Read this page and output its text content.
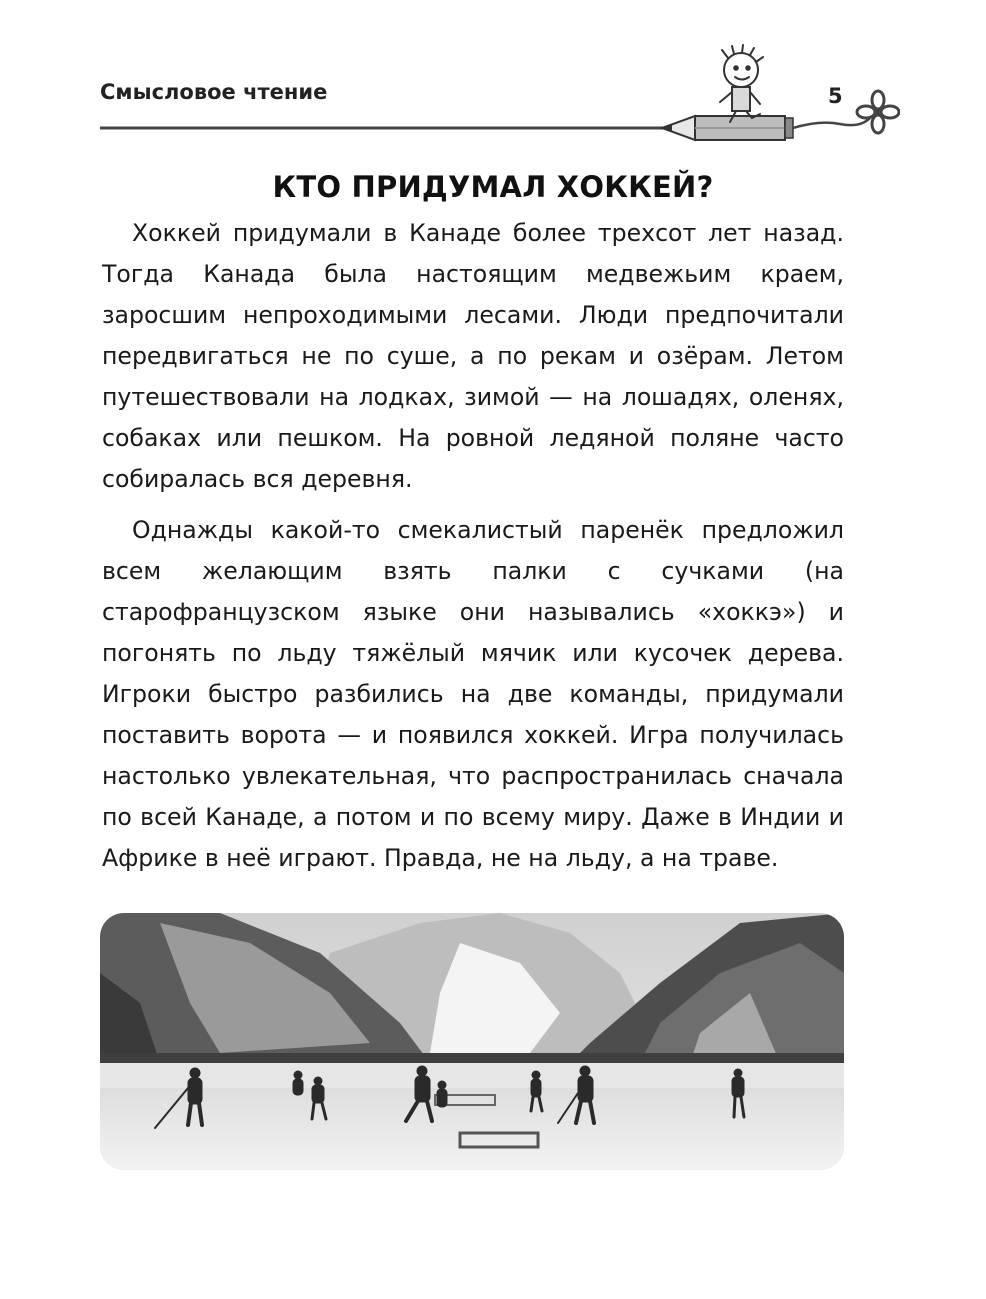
Смысловое чтение	5
КТО ПРИДУМАЛ ХОККЕЙ?

Хоккей придумали в Канаде более трехсот лет назад. Тогда Канада была настоящим медвежьим краем, заросшим непроходимыми лесами. Люди предпочитали передвигаться не по суше, а по рекам и озёрам. Летом путешествовали на лодках, зимой — на лошадях, оленях, собаках или пешком. На ровной ледяной поляне часто собиралась вся деревня.

Однажды какой-то смекалистый паренёк предложил всем желающим взять палки с сучками (на старофранцузском языке они назывались «хоккэ») и погонять по льду тяжёлый мячик или кусочек дерева. Игроки быстро разбились на две команды, придумали поставить ворота — и появился хоккей. Игра получилась настолько увлекательная, что распространилась сначала по всей Канаде, а потом и по всему миру. Даже в Индии и Африке в неё играют. Правда, не на льду, а на траве.
